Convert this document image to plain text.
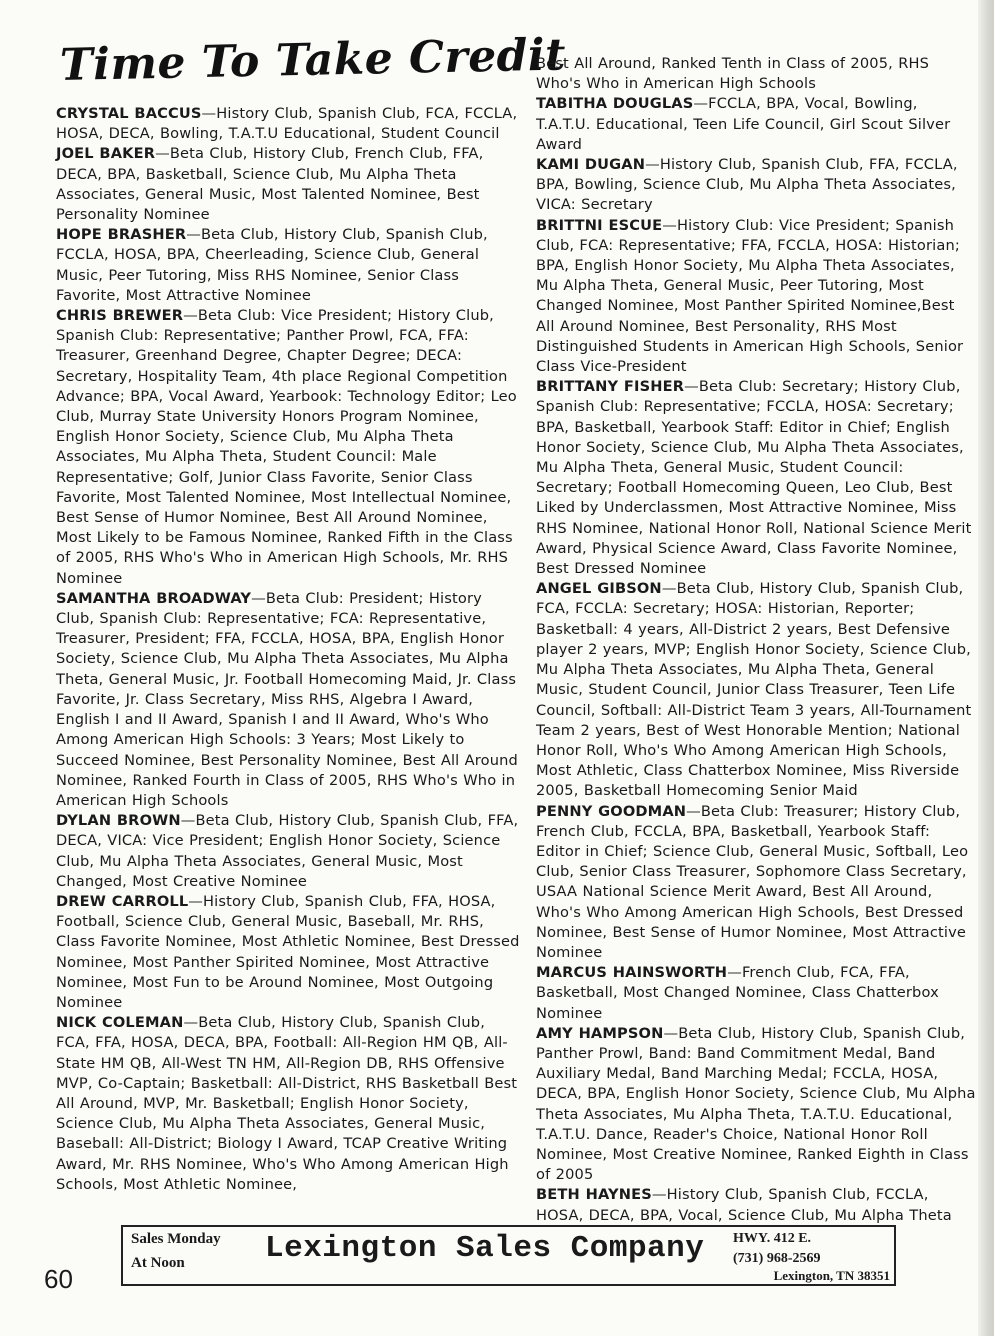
Time To Take Credit

CRYSTAL BACCUS—History Club, Spanish Club, FCA, FCCLA, HOSA, DECA, Bowling, T.A.T.U Educational, Student Council

JOEL BAKER—Beta Club, History Club, French Club, FFA, DECA, BPA, Basketball, Science Club, Mu Alpha Theta Associates, General Music, Most Talented Nominee, Best Personality Nominee

HOPE BRASHER—Beta Club, History Club, Spanish Club, FCCLA, HOSA, BPA, Cheerleading, Science Club, General Music, Peer Tutoring, Miss RHS Nominee, Senior Class Favorite, Most Attractive Nominee

CHRIS BREWER—Beta Club: Vice President; History Club, Spanish Club: Representative; Panther Prowl, FCA, FFA: Treasurer, Greenhand Degree, Chapter Degree; DECA: Secretary, Hospitality Team, 4th place Regional Competition Advance; BPA, Vocal Award, Yearbook: Technology Editor; Leo Club, Murray State University Honors Program Nominee, English Honor Society, Science Club, Mu Alpha Theta Associates, Mu Alpha Theta, Student Council: Male Representative; Golf, Junior Class Favorite, Senior Class Favorite, Most Talented Nominee, Most Intellectual Nominee, Best Sense of Humor Nominee, Best All Around Nominee, Most Likely to be Famous Nominee, Ranked Fifth in the Class of 2005, RHS Who's Who in American High Schools, Mr. RHS Nominee

SAMANTHA BROADWAY—Beta Club: President; History Club, Spanish Club: Representative; FCA: Representative, Treasurer, President; FFA, FCCLA, HOSA, BPA, English Honor Society, Science Club, Mu Alpha Theta Associates, Mu Alpha Theta, General Music, Jr. Football Homecoming Maid, Jr. Class Favorite, Jr. Class Secretary, Miss RHS, Algebra I Award, English I and II Award, Spanish I and II Award, Who's Who Among American High Schools: 3 Years; Most Likely to Succeed Nominee, Best Personality Nominee, Best All Around Nominee, Ranked Fourth in Class of 2005, RHS Who's Who in American High Schools

DYLAN BROWN—Beta Club, History Club, Spanish Club, FFA, DECA, VICA: Vice President; English Honor Society, Science Club, Mu Alpha Theta Associates, General Music, Most Changed, Most Creative Nominee

DREW CARROLL—History Club, Spanish Club, FFA, HOSA, Football, Science Club, General Music, Baseball, Mr. RHS, Class Favorite Nominee, Most Athletic Nominee, Best Dressed Nominee, Most Panther Spirited Nominee, Most Attractive Nominee, Most Fun to be Around Nominee, Most Outgoing Nominee

NICK COLEMAN—Beta Club, History Club, Spanish Club, FCA, FFA, HOSA, DECA, BPA, Football: All-Region HM QB, All-State HM QB, All-West TN HM, All-Region DB, RHS Offensive MVP, Co-Captain; Basketball: All-District, RHS Basketball Best All Around, MVP, Mr. Basketball; English Honor Society, Science Club, Mu Alpha Theta Associates, General Music, Baseball: All-District; Biology I Award, TCAP Creative Writing Award, Mr. RHS Nominee, Who's Who Among American High Schools, Most Athletic Nominee,

Best All Around, Ranked Tenth in Class of 2005, RHS Who's Who in American High Schools

TABITHA DOUGLAS—FCCLA, BPA, Vocal, Bowling, T.A.T.U. Educational, Teen Life Council, Girl Scout Silver Award

KAMI DUGAN—History Club, Spanish Club, FFA, FCCLA, BPA, Bowling, Science Club, Mu Alpha Theta Associates, VICA: Secretary

BRITTNI ESCUE—History Club: Vice President; Spanish Club, FCA: Representative; FFA, FCCLA, HOSA: Historian; BPA, English Honor Society, Mu Alpha Theta Associates, Mu Alpha Theta, General Music, Peer Tutoring, Most Changed Nominee, Most Panther Spirited Nominee,Best All Around Nominee, Best Personality, RHS Most Distinguished Students in American High Schools, Senior Class Vice-President

BRITTANY FISHER—Beta Club: Secretary; History Club, Spanish Club: Representative; FCCLA, HOSA: Secretary; BPA, Basketball, Yearbook Staff: Editor in Chief; English Honor Society, Science Club, Mu Alpha Theta Associates, Mu Alpha Theta, General Music, Student Council: Secretary; Football Homecoming Queen, Leo Club, Best Liked by Underclassmen, Most Attractive Nominee, Miss RHS Nominee, National Honor Roll, National Science Merit Award, Physical Science Award, Class Favorite Nominee, Best Dressed Nominee

ANGEL GIBSON—Beta Club, History Club, Spanish Club, FCA, FCCLA: Secretary; HOSA: Historian, Reporter; Basketball: 4 years, All-District 2 years, Best Defensive player 2 years, MVP; English Honor Society, Science Club, Mu Alpha Theta Associates, Mu Alpha Theta, General Music, Student Council, Junior Class Treasurer, Teen Life Council, Softball: All-District Team 3 years, All-Tournament Team 2 years, Best of West Honorable Mention; National Honor Roll, Who's Who Among American High Schools, Most Athletic, Class Chatterbox Nominee, Miss Riverside 2005, Basketball Homecoming Senior Maid

PENNY GOODMAN—Beta Club: Treasurer; History Club, French Club, FCCLA, BPA, Basketball, Yearbook Staff: Editor in Chief; Science Club, General Music, Softball, Leo Club, Senior Class Treasurer, Sophomore Class Secretary, USAA National Science Merit Award, Best All Around, Who's Who Among American High Schools, Best Dressed Nominee, Best Sense of Humor Nominee, Most Attractive Nominee

MARCUS HAINSWORTH—French Club, FCA, FFA, Basketball, Most Changed Nominee, Class Chatterbox Nominee

AMY HAMPSON—Beta Club, History Club, Spanish Club, Panther Prowl, Band: Band Commitment Medal, Band Auxiliary Medal, Band Marching Medal; FCCLA, HOSA, DECA, BPA, English Honor Society, Science Club, Mu Alpha Theta Associates, Mu Alpha Theta, T.A.T.U. Educational, T.A.T.U. Dance, Reader's Choice, National Honor Roll Nominee, Most Creative Nominee, Ranked Eighth in Class of 2005

BETH HAYNES—History Club, Spanish Club, FCCLA, HOSA, DECA, BPA, Vocal, Science Club, Mu Alpha Theta

Sales Monday
At Noon	Lexington Sales Company HWY. 412 E.
(731) 968-2569
Lexington, TN 38351
60
